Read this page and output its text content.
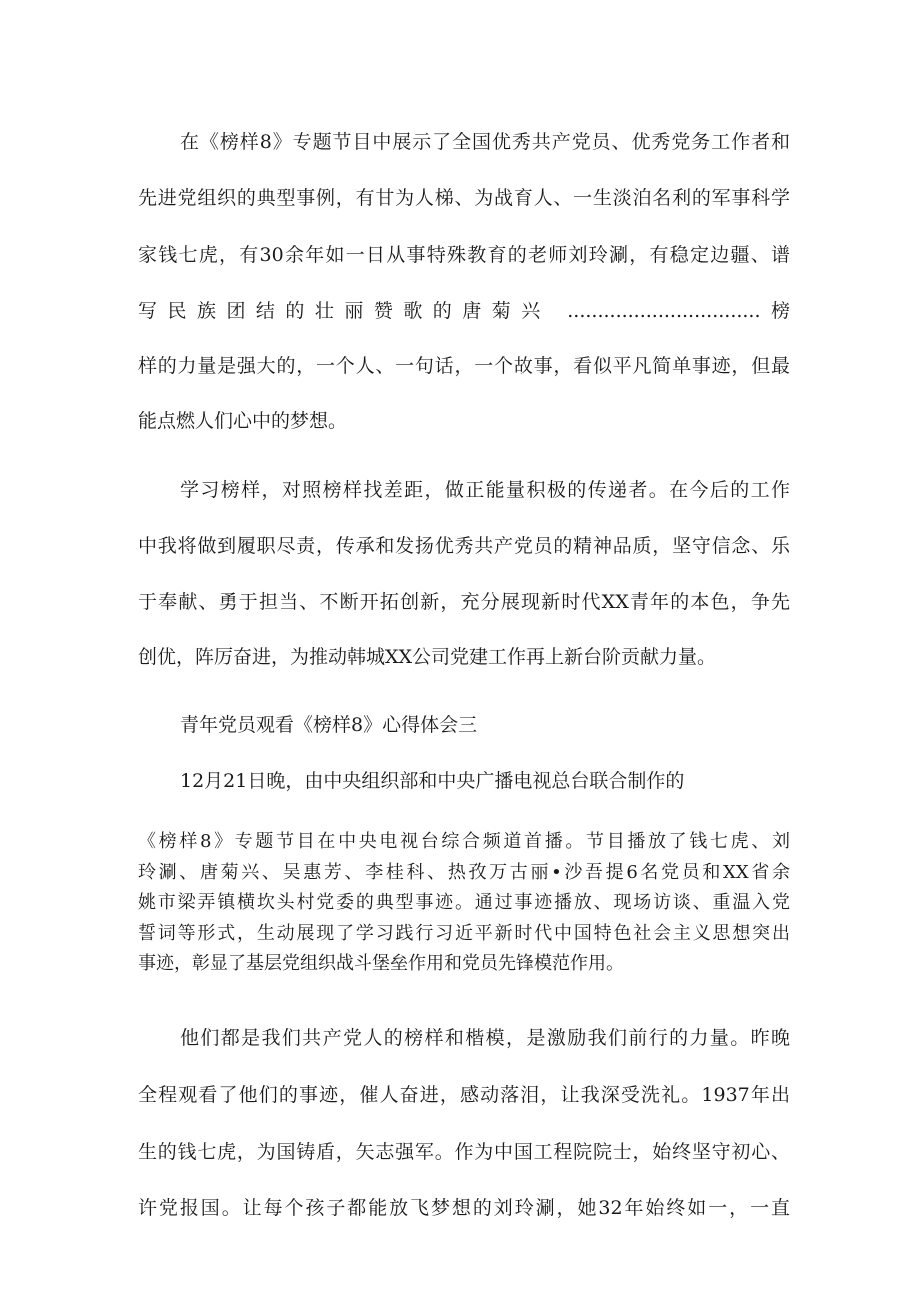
在《榜样8》专题节目中展示了全国优秀共产党员、优秀党务工作者和
先进党组织的典型事例，有甘为人梯、为战育人、一生淡泊名利的军事科学
家钱七虎，有30余年如一日从事特殊教育的老师刘玲涮，有稳定边疆、谱
写民族团结的壮丽赞歌的唐菊兴 ................................榜
样的力量是强大的，一个人、一句话，一个故事，看似平凡简单事迹，但最
能点燃人们心中的梦想。
学习榜样，对照榜样找差距，做正能量积极的传递者。在今后的工作
中我将做到履职尽责，传承和发扬优秀共产党员的精神品质，坚守信念、乐
于奉献、勇于担当、不断开拓创新，充分展现新时代XX青年的本色，争先
创优，阵厉奋进，为推动韩城XX公司党建工作再上新台阶贡献力量。
青年党员观看《榜样8》心得体会三
12月21日晚，由中央组织部和中央广播电视总台联合制作的
《榜样8》专题节目在中央电视台综合频道首播。节目播放了钱七虎、刘
玲涮、唐菊兴、吴惠芳、李桂科、热孜万古丽•沙吾提6名党员和XX省余
姚市梁弄镇横坎头村党委的典型事迹。通过事迹播放、现场访谈、重温入党
誓词等形式，生动展现了学习践行习近平新时代中国特色社会主义思想突出
事迹，彰显了基层党组织战斗堡垒作用和党员先锋模范作用。
他们都是我们共产党人的榜样和楷模，是激励我们前行的力量。昨晚
全程观看了他们的事迹，催人奋进，感动落泪，让我深受洗礼。1937年出
生的钱七虎，为国铸盾，矢志强军。作为中国工程院院士，始终坚守初心、
许党报国。让每个孩子都能放飞梦想的刘玲涮，她32年始终如一，一直
